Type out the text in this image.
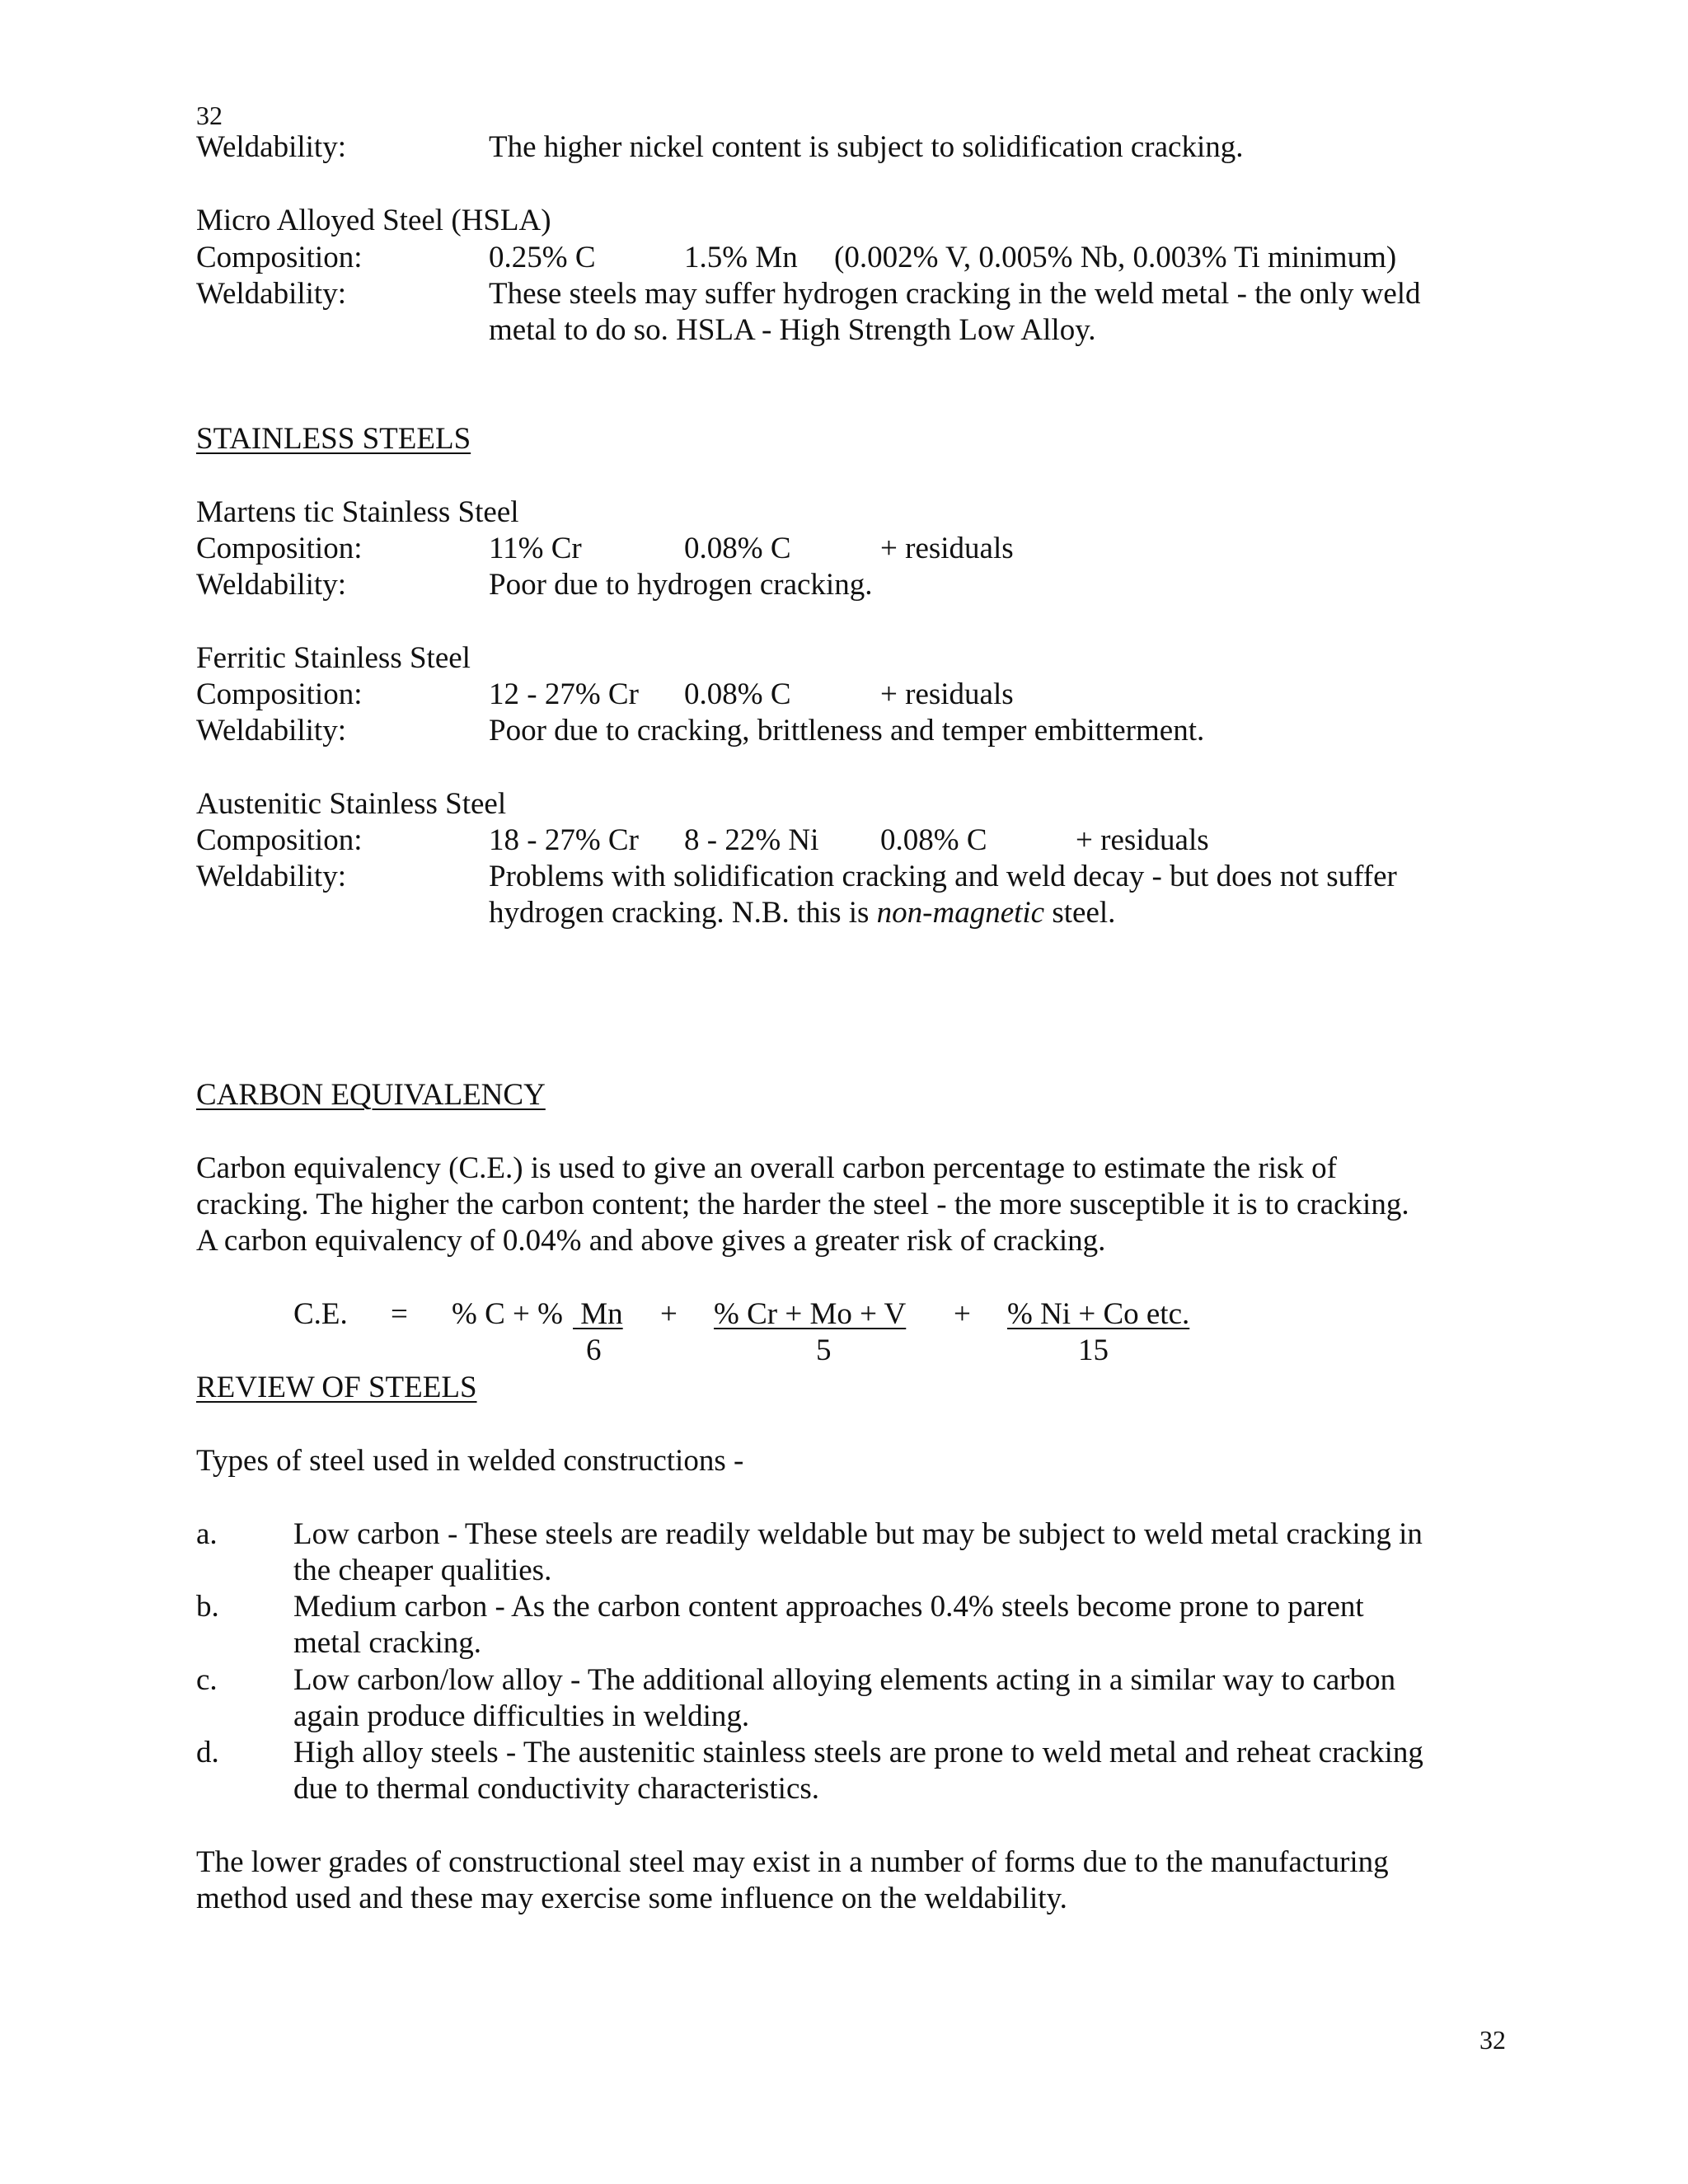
32
Weldability:	The higher nickel content is subject to solidification cracking.
Micro Alloyed Steel (HSLA)
Composition:	0.25% C	1.5% Mn (0.002% V, 0.005% Nb, 0.003% Ti minimum)
Weldability:	These steels may suffer hydrogen cracking in the weld metal - the only weld
metal to do so. HSLA - High Strength Low Alloy.
STAINLESS STEELS
Martens tic Stainless Steel
Composition:	11% Cr	0.08% C	+ residuals
Weldability:	Poor due to hydrogen cracking.
Ferritic Stainless Steel
Composition:	12 - 27% Cr 0.08% C	+ residuals
Weldability:	Poor due to cracking, brittleness and temper embitterment.
Austenitic Stainless Steel
Composition:	18 - 27% Cr 8 - 22% Ni 0.08% C	+ residuals
Weldability:	Problems with solidification cracking and weld decay - but does not suffer
hydrogen cracking. N.B. this is non-magnetic steel.
CARBON EQUIVALENCY
Carbon equivalency (C.E.) is used to give an overall carbon percentage to estimate the risk of
cracking. The higher the carbon content; the harder the steel - the more susceptible it is to cracking.
A carbon equivalency of 0.04% and above gives a greater risk of cracking.
C.E. = % C + % Mn
6
+ % Cr + Mo + V
5
+ % Ni + Co etc.
15
REVIEW OF STEELS
Types of steel used in welded constructions -
a. Low carbon - These steels are readily weldable but may be subject to weld metal cracking in
the cheaper qualities.
b. Medium carbon - As the carbon content approaches 0.4% steels become prone to parent
metal cracking.
c. Low carbon/low alloy - The additional alloying elements acting in a similar way to carbon
again produce difficulties in welding.
d. High alloy steels - The austenitic stainless steels are prone to weld metal and reheat cracking
due to thermal conductivity characteristics.
The lower grades of constructional steel may exist in a number of forms due to the manufacturing
method used and these may exercise some influence on the weldability.
32
